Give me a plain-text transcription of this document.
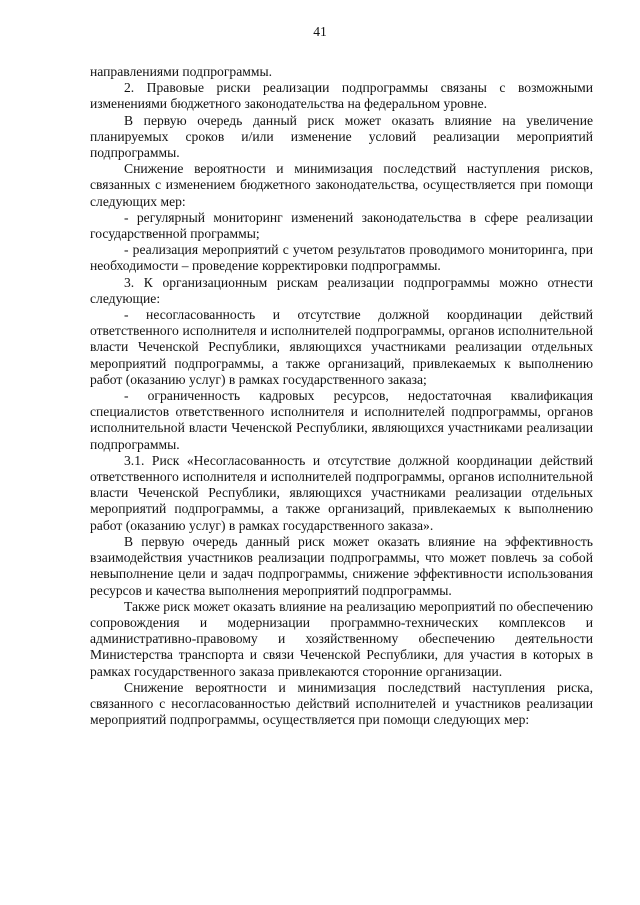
41

направлениями подпрограммы.

2. Правовые риски реализации подпрограммы связаны с возможными изменениями бюджетного законодательства на федеральном уровне.

В первую очередь данный риск может оказать влияние на увеличение планируемых сроков и/или изменение условий реализации мероприятий подпрограммы.

Снижение вероятности и минимизация последствий наступления рисков, связанных с изменением бюджетного законодательства, осуществляется при помощи следующих мер:

- регулярный мониторинг изменений законодательства в сфере реализации государственной программы;

- реализация мероприятий с учетом результатов проводимого мониторинга, при необходимости – проведение корректировки подпрограммы.

3. К организационным рискам реализации подпрограммы можно отнести следующие:

- несогласованность и отсутствие должной координации действий ответственного исполнителя и исполнителей подпрограммы, органов исполнительной власти Чеченской Республики, являющихся участниками реализации отдельных мероприятий подпрограммы, а также организаций, привлекаемых к выполнению работ (оказанию услуг) в рамках государственного заказа;

- ограниченность кадровых ресурсов, недостаточная квалификация специалистов ответственного исполнителя и исполнителей подпрограммы, органов исполнительной власти Чеченской Республики, являющихся участниками реализации подпрограммы.

3.1. Риск «Несогласованность и отсутствие должной координации действий ответственного исполнителя и исполнителей подпрограммы, органов исполнительной власти Чеченской Республики, являющихся участниками реализации отдельных мероприятий подпрограммы, а также организаций, привлекаемых к выполнению работ (оказанию услуг) в рамках государственного заказа».

В первую очередь данный риск может оказать влияние на эффективность взаимодействия участников реализации подпрограммы, что может повлечь за собой невыполнение цели и задач подпрограммы, снижение эффективности использования ресурсов и качества выполнения мероприятий подпрограммы.

Также риск может оказать влияние на реализацию мероприятий по обеспечению сопровождения и модернизации программно-технических комплексов и административно-правовому и хозяйственному обеспечению деятельности Министерства транспорта и связи Чеченской Республики, для участия в которых в рамках государственного заказа привлекаются сторонние организации.

Снижение вероятности и минимизация последствий наступления риска, связанного с несогласованностью действий исполнителей и участников реализации мероприятий подпрограммы, осуществляется при помощи следующих мер:
